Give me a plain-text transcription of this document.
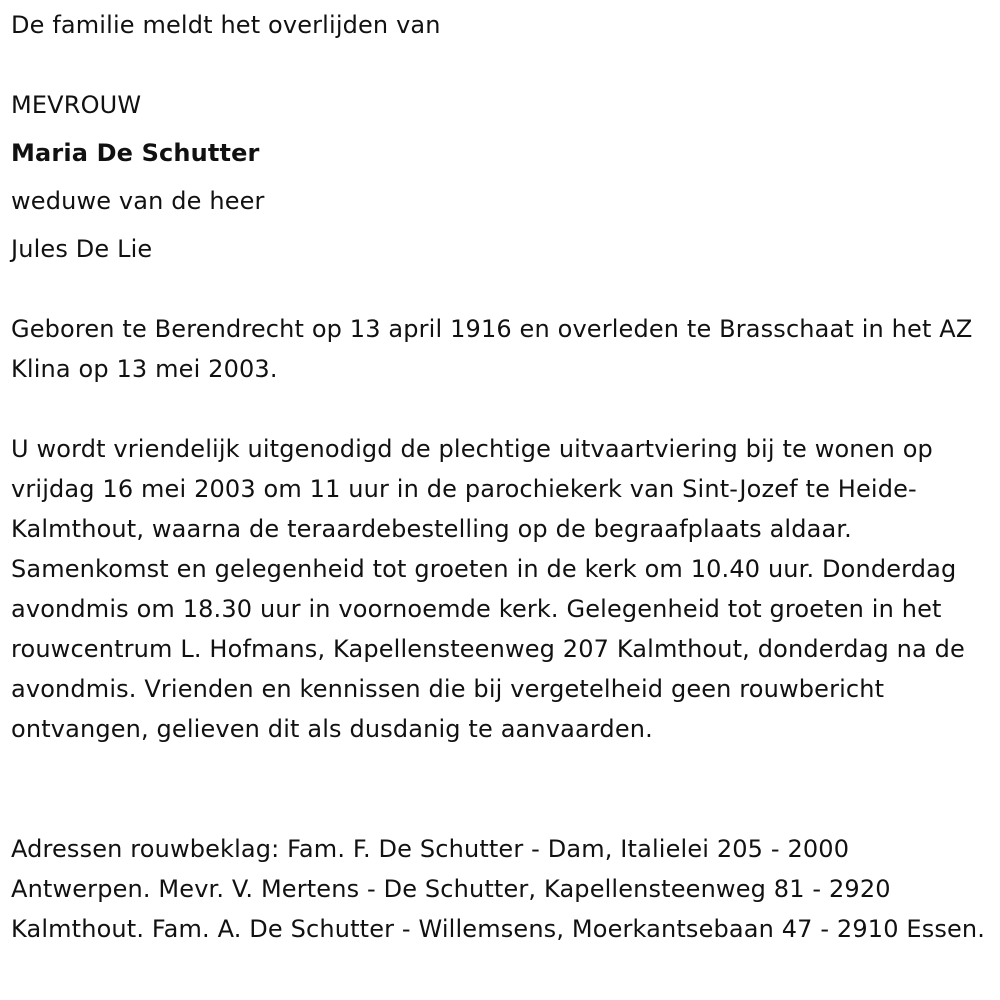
De familie meldt het overlijden van
MEVROUW
Maria De Schutter
weduwe van de heer
Jules De Lie
Geboren te Berendrecht op 13 april 1916 en overleden te Brasschaat in het AZ Klina op 13 mei 2003.
U wordt vriendelijk uitgenodigd de plechtige uitvaartviering bij te wonen op vrijdag 16 mei 2003 om 11 uur in de parochiekerk van Sint-Jozef te Heide-Kalmthout, waarna de teraardebestelling op de begraafplaats aldaar. Samenkomst en gelegenheid tot groeten in de kerk om 10.40 uur. Donderdag avondmis om 18.30 uur in voornoemde kerk. Gelegenheid tot groeten in het rouwcentrum L. Hofmans, Kapellensteenweg 207 Kalmthout, donderdag na de avondmis. Vrienden en kennissen die bij vergetelheid geen rouwbericht ontvangen, gelieven dit als dusdanig te aanvaarden.
Adressen rouwbeklag: Fam. F. De Schutter - Dam, Italielei 205 - 2000 Antwerpen. Mevr. V. Mertens - De Schutter, Kapellensteenweg 81 - 2920 Kalmthout. Fam. A. De Schutter - Willemsens, Moerkantsebaan 47 - 2910 Essen.
